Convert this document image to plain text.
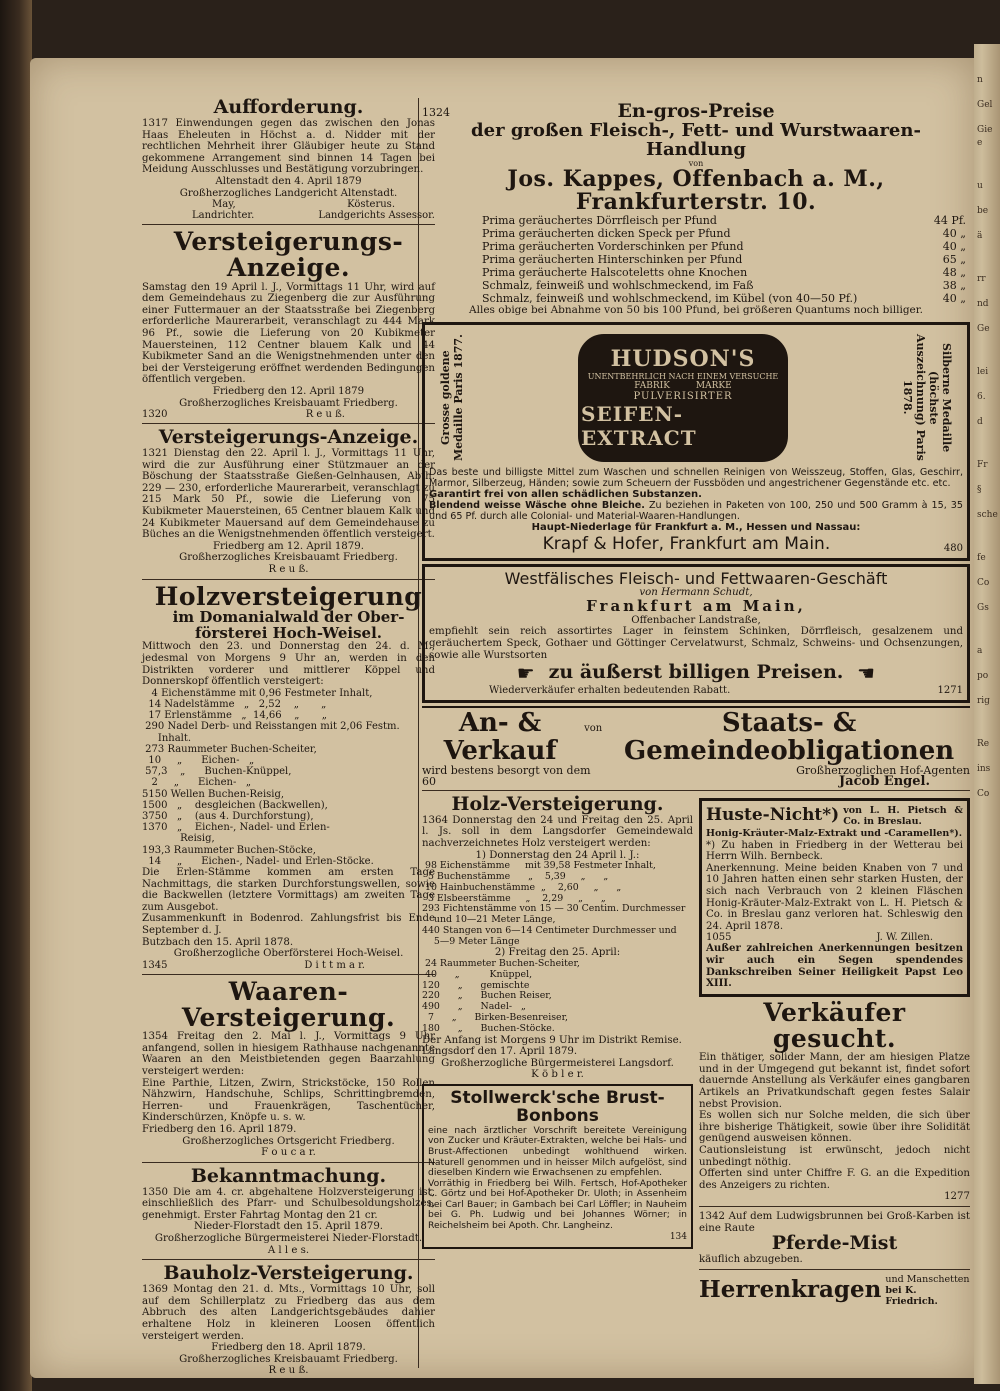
n
Gel
Gie e
u
be
ä
rr
nd
Ge
lei
6.
d
Fr
§
sche
fe
Co
Gs
a
po
rig
Re
ins
Co
Aufforderung.

1317 Einwendungen gegen das zwischen den Jonas Haas Eheleuten in Höchst a. d. Nidder mit der rechtlichen Mehrheit ihrer Gläubiger heute zu Stand gekommene Arrangement sind binnen 14 Tagen bei Meidung Ausschlusses und Bestätigung vorzubringen.

Altenstadt den 4. April 1879

Großherzogliches Landgericht Altenstadt.

May,	Kösterus.
Landrichter.	Landgerichts Assessor.
Versteigerungs-Anzeige.

Samstag den 19 April l. J., Vormittags 11 Uhr, wird auf dem Gemeindehaus zu Ziegenberg die zur Ausführung einer Futtermauer an der Staatsstraße bei Ziegenberg erforderliche Maurerarbeit, veranschlagt zu 444 Mark 96 Pf., sowie die Lieferung von 20 Kubikmeter Mauersteinen, 112 Centner blauem Kalk und 44 Kubikmeter Sand an die Wenigstnehmenden unter den bei der Versteigerung eröffnet werdenden Bedingungen öffentlich vergeben.

Friedberg den 12. April 1879

Großherzogliches Kreisbauamt Friedberg.

1320	R e u ß.
Versteigerungs-Anzeige.

1321 Dienstag den 22. April l. J., Vormittags 11 Uhr, wird die zur Ausführung einer Stützmauer an der Böschung der Staatsstraße Gießen-Gelnhausen, Abth. 229 — 230, erforderliche Maurerarbeit, veranschlagt zu 215 Mark 50 Pf., sowie die Lieferung von 75 Kubikmeter Mauersteinen, 65 Centner blauem Kalk und 24 Kubikmeter Mauersand auf dem Gemeindehause zu Büches an die Wenigstnehmenden öffentlich versteigert.

Friedberg am 12. April 1879.

Großherzogliches Kreisbauamt Friedberg.

R e u ß.

Holzversteigerung
im Domanialwald der Ober-
försterei Hoch-Weisel.

Mittwoch den 23. und Donnerstag den 24. d. M., jedesmal von Morgens 9 Uhr an, werden in den Distrikten vorderer und mittlerer Köppel und Donnerskopf öffentlich versteigert:

4 Eichenstämme mit 0,96 Festmeter Inhalt,
14 Nadelstämme   „   2,52    „       „
17 Erlenstämme   „  14,66    „       „
290 Nadel Derb- und Reisstangen mit 2,06 Festm.
Inhalt.
273 Raummeter Buchen-Scheiter,
10     „      Eichen-   „
57,3    „      Buchen-Knüppel,
2     „      Eichen-   „
5150 Wellen Buchen-Reisig,
1500   „    desgleichen (Backwellen),
3750   „    (aus 4. Durchforstung),
1370   „    Eichen-, Nadel- und Erlen-
Reisig,
193,3 Raummeter Buchen-Stöcke,
14     „      Eichen-, Nadel- und Erlen-Stöcke.

Die Erlen-Stämme kommen am ersten Tage Nachmittags, die starken Durchforstungswellen, sowie die Backwellen (letztere Vormittags) am zweiten Tage zum Ausgebot.

Zusammenkunft in Bodenrod. Zahlungsfrist bis Ende September d. J.

Butzbach den 15. April 1878.

Großherzogliche Oberförsterei Hoch-Weisel.

1345	D i t t m a r.
Waaren-Versteigerung.

1354 Freitag den 2. Mai l. J., Vormittags 9 Uhr anfangend, sollen in hiesigem Rathhause nachgenannte Waaren an den Meistbietenden gegen Baarzahlung versteigert werden:

Eine Parthie, Litzen, Zwirn, Strickstöcke, 150 Rollen Nähzwirn, Handschuhe, Schlips, Schrittingbremden, Herren- und Frauenkrägen, Taschentücher, Kinderschürzen, Knöpfe u. s. w.

Friedberg den 16. April 1879.

Großherzogliches Ortsgericht Friedberg.

F o u c a r.

Bekanntmachung.

1350 Die am 4. cr. abgehaltene Holzversteigerung ist, einschließlich des Pfarr- und Schulbesoldungsholzes, genehmigt. Erster Fahrtag Montag den 21 cr.

Nieder-Florstadt den 15. April 1879.

Großherzogliche Bürgermeisterei Nieder-Florstadt.

A l l e s.

Bauholz-Versteigerung.

1369 Montag den 21. d. Mts., Vormittags 10 Uhr, soll auf dem Schillerplatz zu Friedberg das aus dem Abbruch des alten Landgerichtsgebäudes dahier erhaltene Holz in kleineren Loosen öffentlich versteigert werden.

Friedberg den 18. April 1879.

Großherzogliches Kreisbauamt Friedberg.

R e u ß.

1324	En-gros-Preise
der großen Fleisch-, Fett- und Wurstwaaren-Handlung

von

Jos. Kappes, Offenbach a. M., Frankfurterstr. 10.
Prima geräuchertes Dörrfleisch per Pfund	44 Pf.
Prima geräucherten dicken Speck per Pfund	40 „
Prima geräucherten Vorderschinken per Pfund	40 „
Prima geräucherten Hinterschinken per Pfund	65 „
Prima geräucherte Halscoteletts ohne Knochen	48 „
Schmalz, feinweiß und wohlschmeckend, im Faß	38 „
Schmalz, feinweiß und wohlschmeckend, im Kübel (von 40—50 Pf.)	40 „

Alles obige bei Abnahme von 50 bis 100 Pfund, bei größeren Quantums noch billiger.

Grosse goldene Medaille Paris 1877.	HUDSON'S
UNENTBEHRLICH NACH EINEM VERSUCHE
FABRIK	MARKE
PULVERISIRTER
SEIFEN-EXTRACT	Silberne Medaille (höchste Auszeichnung) Paris 1878.

Das beste und billigste Mittel zum Waschen und schnellen Reinigen von Weisszeug, Stoffen, Glas, Geschirr, Marmor, Silberzeug, Händen; sowie zum Scheuern der Fussböden und angestrichener Gegenstände etc. etc.

Garantirt frei von allen schädlichen Substanzen.

Blendend weisse Wäsche ohne Bleiche. Zu beziehen in Paketen von 100, 250 und 500 Gramm à 15, 35 und 65 Pf. durch alle Colonial- und Material-Waaren-Handlungen.

Haupt-Niederlage für Frankfurt a. M., Hessen und Nassau:

Krapf & Hofer, Frankfurt am Main.	480
Westfälisches Fleisch- und Fettwaaren-Geschäft

von Hermann Schudt,

Frankfurt am Main,

Offenbacher Landstraße,

empfiehlt sein reich assortirtes Lager in feinstem Schinken, Dörrfleisch, gesalzenem und geräuchertem Speck, Gothaer und Göttinger Cervelatwurst, Schmalz, Schweins- und Ochsenzungen, sowie alle Wurstsorten

☛ zu äußerst billigen Preisen. ☛
Wiederverkäufer erhalten bedeutenden Rabatt.	1271
An- & Verkauf
von	Staats- & Gemeindeobligationen
wird bestens besorgt von dem	Großherzoglichen Hof-Agenten
60	Jacob Engel.
Holz-Versteigerung.

1364 Donnerstag den 24 und Freitag den 25. April l. Js. soll in dem Langsdorfer Gemeindewald nachverzeichnetes Holz versteigert werden:

1) Donnerstag den 24 April l. J.:

98 Eichenstämme     mit 39,58 Festmeter Inhalt,
5 Buchenstämme      „    5,39     „      „
10 Hainbuchenstämme  „    2,60     „      „
3 Elsbeerstämme     „    2,29     „      „
293 Fichtenstämme von 15 — 30 Centim. Durchmesser
und 10—21 Meter Länge,
440 Stangen von 6—14 Centimeter Durchmesser und
5—9 Meter Länge

2) Freitag den 25. April:

24 Raummeter Buchen-Scheiter,
40      „          Knüppel,
120      „      gemischte
220      „      Buchen Reiser,
490      „      Nadel-   „
7      „      Birken-Besenreiser,
180      „      Buchen-Stöcke.

Der Anfang ist Morgens 9 Uhr im Distrikt Remise.

Langsdorf den 17. April 1879.

Großherzogliche Bürgermeisterei Langsdorf.

K ö b l e r.

Stollwerck'sche Brust-Bonbons

eine nach ärztlicher Vorschrift bereitete Vereinigung von Zucker und Kräuter-Extrakten, welche bei Hals- und Brust-Affectionen unbedingt wohlthuend wirken. Naturell genommen und in heisser Milch aufgelöst, sind dieselben Kindern wie Erwachsenen zu empfehlen.

Vorräthig in Friedberg bei Wilh. Fertsch, Hof-Apotheker C. Görtz und bei Hof-Apotheker Dr. Uloth; in Assenheim bei Carl Bauer; in Gambach bei Carl Löffler; in Nauheim bei G. Ph. Ludwig und bei Johannes Wörner; in Reichelsheim bei Apoth. Chr. Langheinz.

134

Huste-Nicht*) von L. H. Pietsch & Co. in Breslau.

Honig-Kräuter-Malz-Extrakt und -Caramellen*).

*) Zu haben in Friedberg in der Wetterau bei Herrn Wilh. Bernbeck.

Anerkennung. Meine beiden Knaben von 7 und 10 Jahren hatten einen sehr starken Husten, der sich nach Verbrauch von 2 kleinen Fläschen Honig-Kräuter-Malz-Extrakt von L. H. Pietsch & Co. in Breslau ganz verloren hat. Schleswig den 24. April 1878.

1055	J. W. Zillen.

Außer zahlreichen Anerkennungen besitzen wir auch ein Segen spendendes Dankschreiben Seiner Heiligkeit Papst Leo XIII.

Verkäufer gesucht.

Ein thätiger, solider Mann, der am hiesigen Platze und in der Umgegend gut bekannt ist, findet sofort dauernde Anstellung als Verkäufer eines gangbaren Artikels an Privatkundschaft gegen festes Salair nebst Provision.

Es wollen sich nur Solche melden, die sich über ihre bisherige Thätigkeit, sowie über ihre Solidität genügend ausweisen können.

Cautionsleistung ist erwünscht, jedoch nicht unbedingt nöthig.

Offerten sind unter Chiffre F. G. an die Expedition des Anzeigers zu richten.

1277

1342 Auf dem Ludwigsbrunnen bei Groß-Karben ist eine Raute

Pferde-Mist

käuflich abzugeben.

Herrenkragen und Manschetten
bei K. Friedrich.
